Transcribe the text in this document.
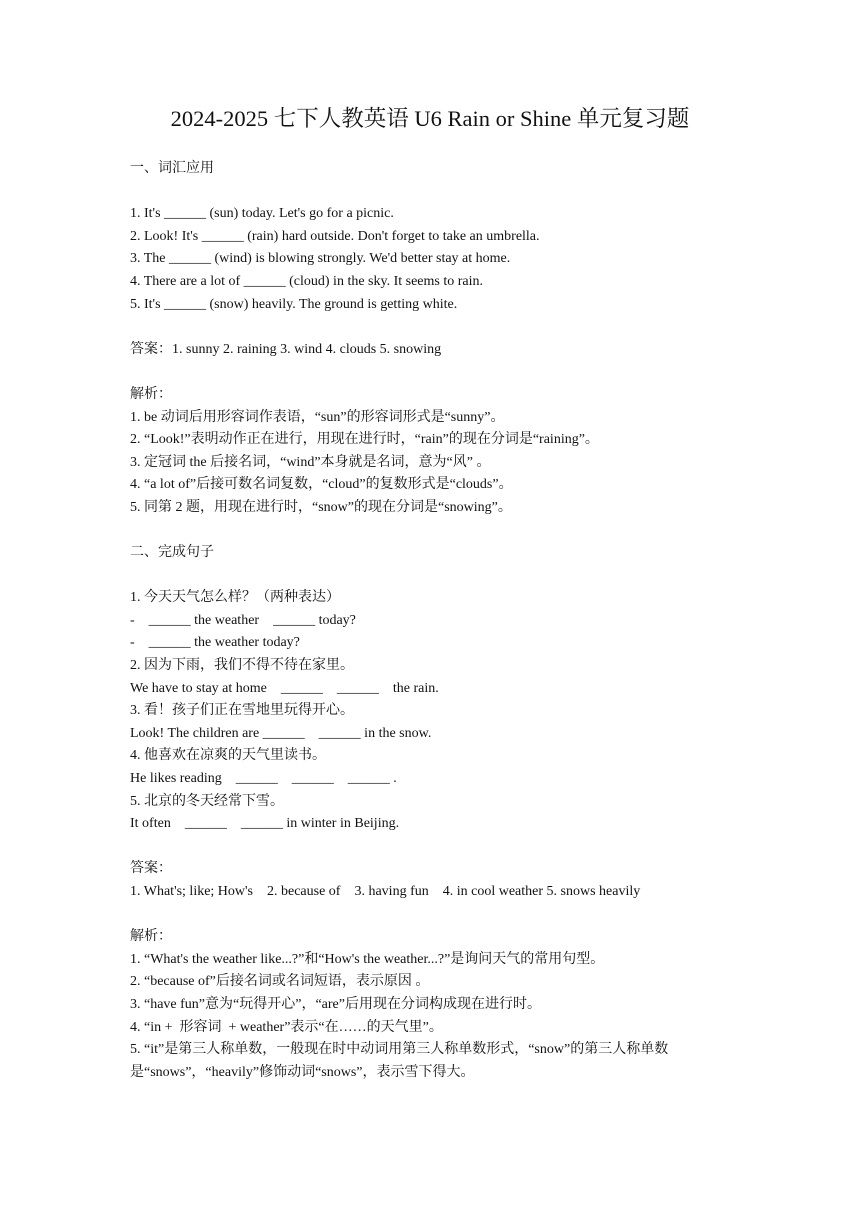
2024-2025 七下人教英语 U6 Rain or Shine 单元复习题
一、词汇应用
1. It's ______ (sun) today. Let's go for a picnic.
2. Look! It's ______ (rain) hard outside. Don't forget to take an umbrella.
3. The ______ (wind) is blowing strongly. We'd better stay at home.
4. There are a lot of ______ (cloud) in the sky. It seems to rain.
5. It's ______ (snow) heavily. The ground is getting white.
答案：1. sunny 2. raining 3. wind 4. clouds 5. snowing
解析：
1. be 动词后用形容词作表语，“sun”的形容词形式是“sunny”。
2. “Look!”表明动作正在进行，用现在进行时，“rain”的现在分词是“raining”。
3. 定冠词 the 后接名词，“wind”本身就是名词，意为“风” 。
4. “a lot of”后接可数名词复数，“cloud”的复数形式是“clouds”。
5. 同第 2 题，用现在进行时，“snow”的现在分词是“snowing”。
二、完成句子
1. 今天天气怎么样？（两种表达）
-    ______ the weather    ______ today?
-    ______ the weather today?
2. 因为下雨，我们不得不待在家里。
We have to stay at home    ______    ______    the rain.
3. 看！孩子们正在雪地里玩得开心。
Look! The children are ______    ______ in the snow.
4. 他喜欢在凉爽的天气里读书。
He likes reading    ______    ______    ______ .
5. 北京的冬天经常下雪。
It often    ______    ______ in winter in Beijing.
答案：
1. What's; like; How's    2. because of    3. having fun    4. in cool weather 5. snows heavily
解析：
1. “What's the weather like...?”和“How's the weather...?”是询问天气的常用句型。
2. “because of”后接名词或名词短语，表示原因 。
3. “have fun”意为“玩得开心”，“are”后用现在分词构成现在进行时。
4. “in +  形容词  + weather”表示“在……的天气里”。
5. “it”是第三人称单数，一般现在时中动词用第三人称单数形式，“snow”的第三人称单数是“snows”，“heavily”修饰动词“snows”，表示雪下得大。
